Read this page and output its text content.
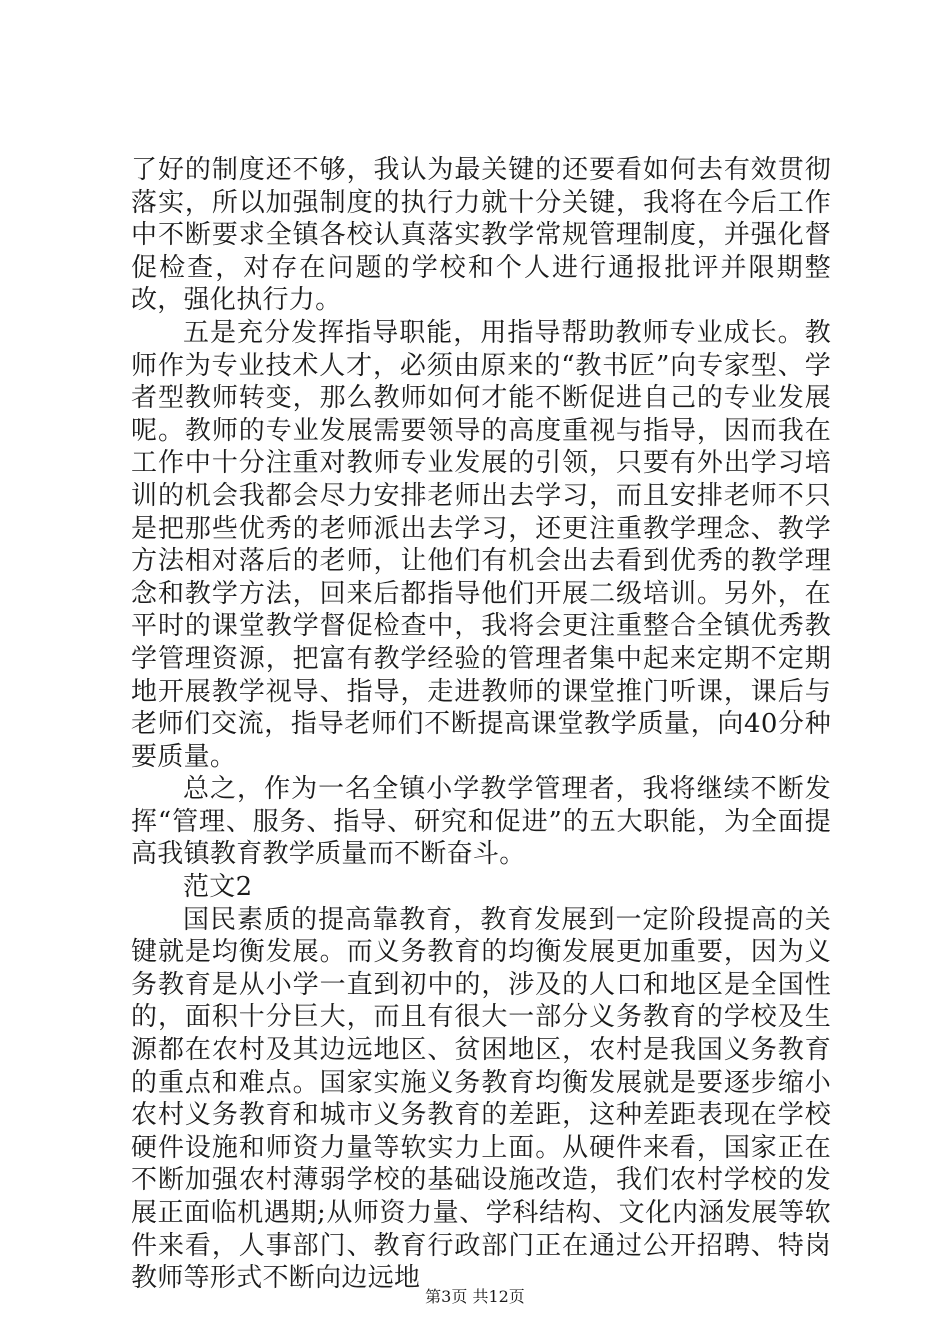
了好的制度还不够，我认为最关键的还要看如何去有效贯彻落实，所以加强制度的执行力就十分关键，我将在今后工作中不断要求全镇各校认真落实教学常规管理制度，并强化督促检查，对存在问题的学校和个人进行通报批评并限期整改，强化执行力。

五是充分发挥指导职能，用指导帮助教师专业成长。教师作为专业技术人才，必须由原来的“教书匠”向专家型、学者型教师转变，那么教师如何才能不断促进自己的专业发展呢。教师的专业发展需要领导的高度重视与指导，因而我在工作中十分注重对教师专业发展的引领，只要有外出学习培训的机会我都会尽力安排老师出去学习，而且安排老师不只是把那些优秀的老师派出去学习，还更注重教学理念、教学方法相对落后的老师，让他们有机会出去看到优秀的教学理念和教学方法，回来后都指导他们开展二级培训。另外，在平时的课堂教学督促检查中，我将会更注重整合全镇优秀教学管理资源，把富有教学经验的管理者集中起来定期不定期地开展教学视导、指导，走进教师的课堂推门听课，课后与老师们交流，指导老师们不断提高课堂教学质量，向40分种要质量。

总之，作为一名全镇小学教学管理者，我将继续不断发挥“管理、服务、指导、研究和促进”的五大职能，为全面提高我镇教育教学质量而不断奋斗。

范文2

国民素质的提高靠教育，教育发展到一定阶段提高的关键就是均衡发展。而义务教育的均衡发展更加重要，因为义务教育是从小学一直到初中的，涉及的人口和地区是全国性的，面积十分巨大，而且有很大一部分义务教育的学校及生源都在农村及其边远地区、贫困地区，农村是我国义务教育的重点和难点。国家实施义务教育均衡发展就是要逐步缩小农村义务教育和城市义务教育的差距，这种差距表现在学校硬件设施和师资力量等软实力上面。从硬件来看，国家正在不断加强农村薄弱学校的基础设施改造，我们农村学校的发展正面临机遇期;从师资力量、学科结构、文化内涵发展等软件来看，人事部门、教育行政部门正在通过公开招聘、特岗教师等形式不断向边远地

第3页 共12页
